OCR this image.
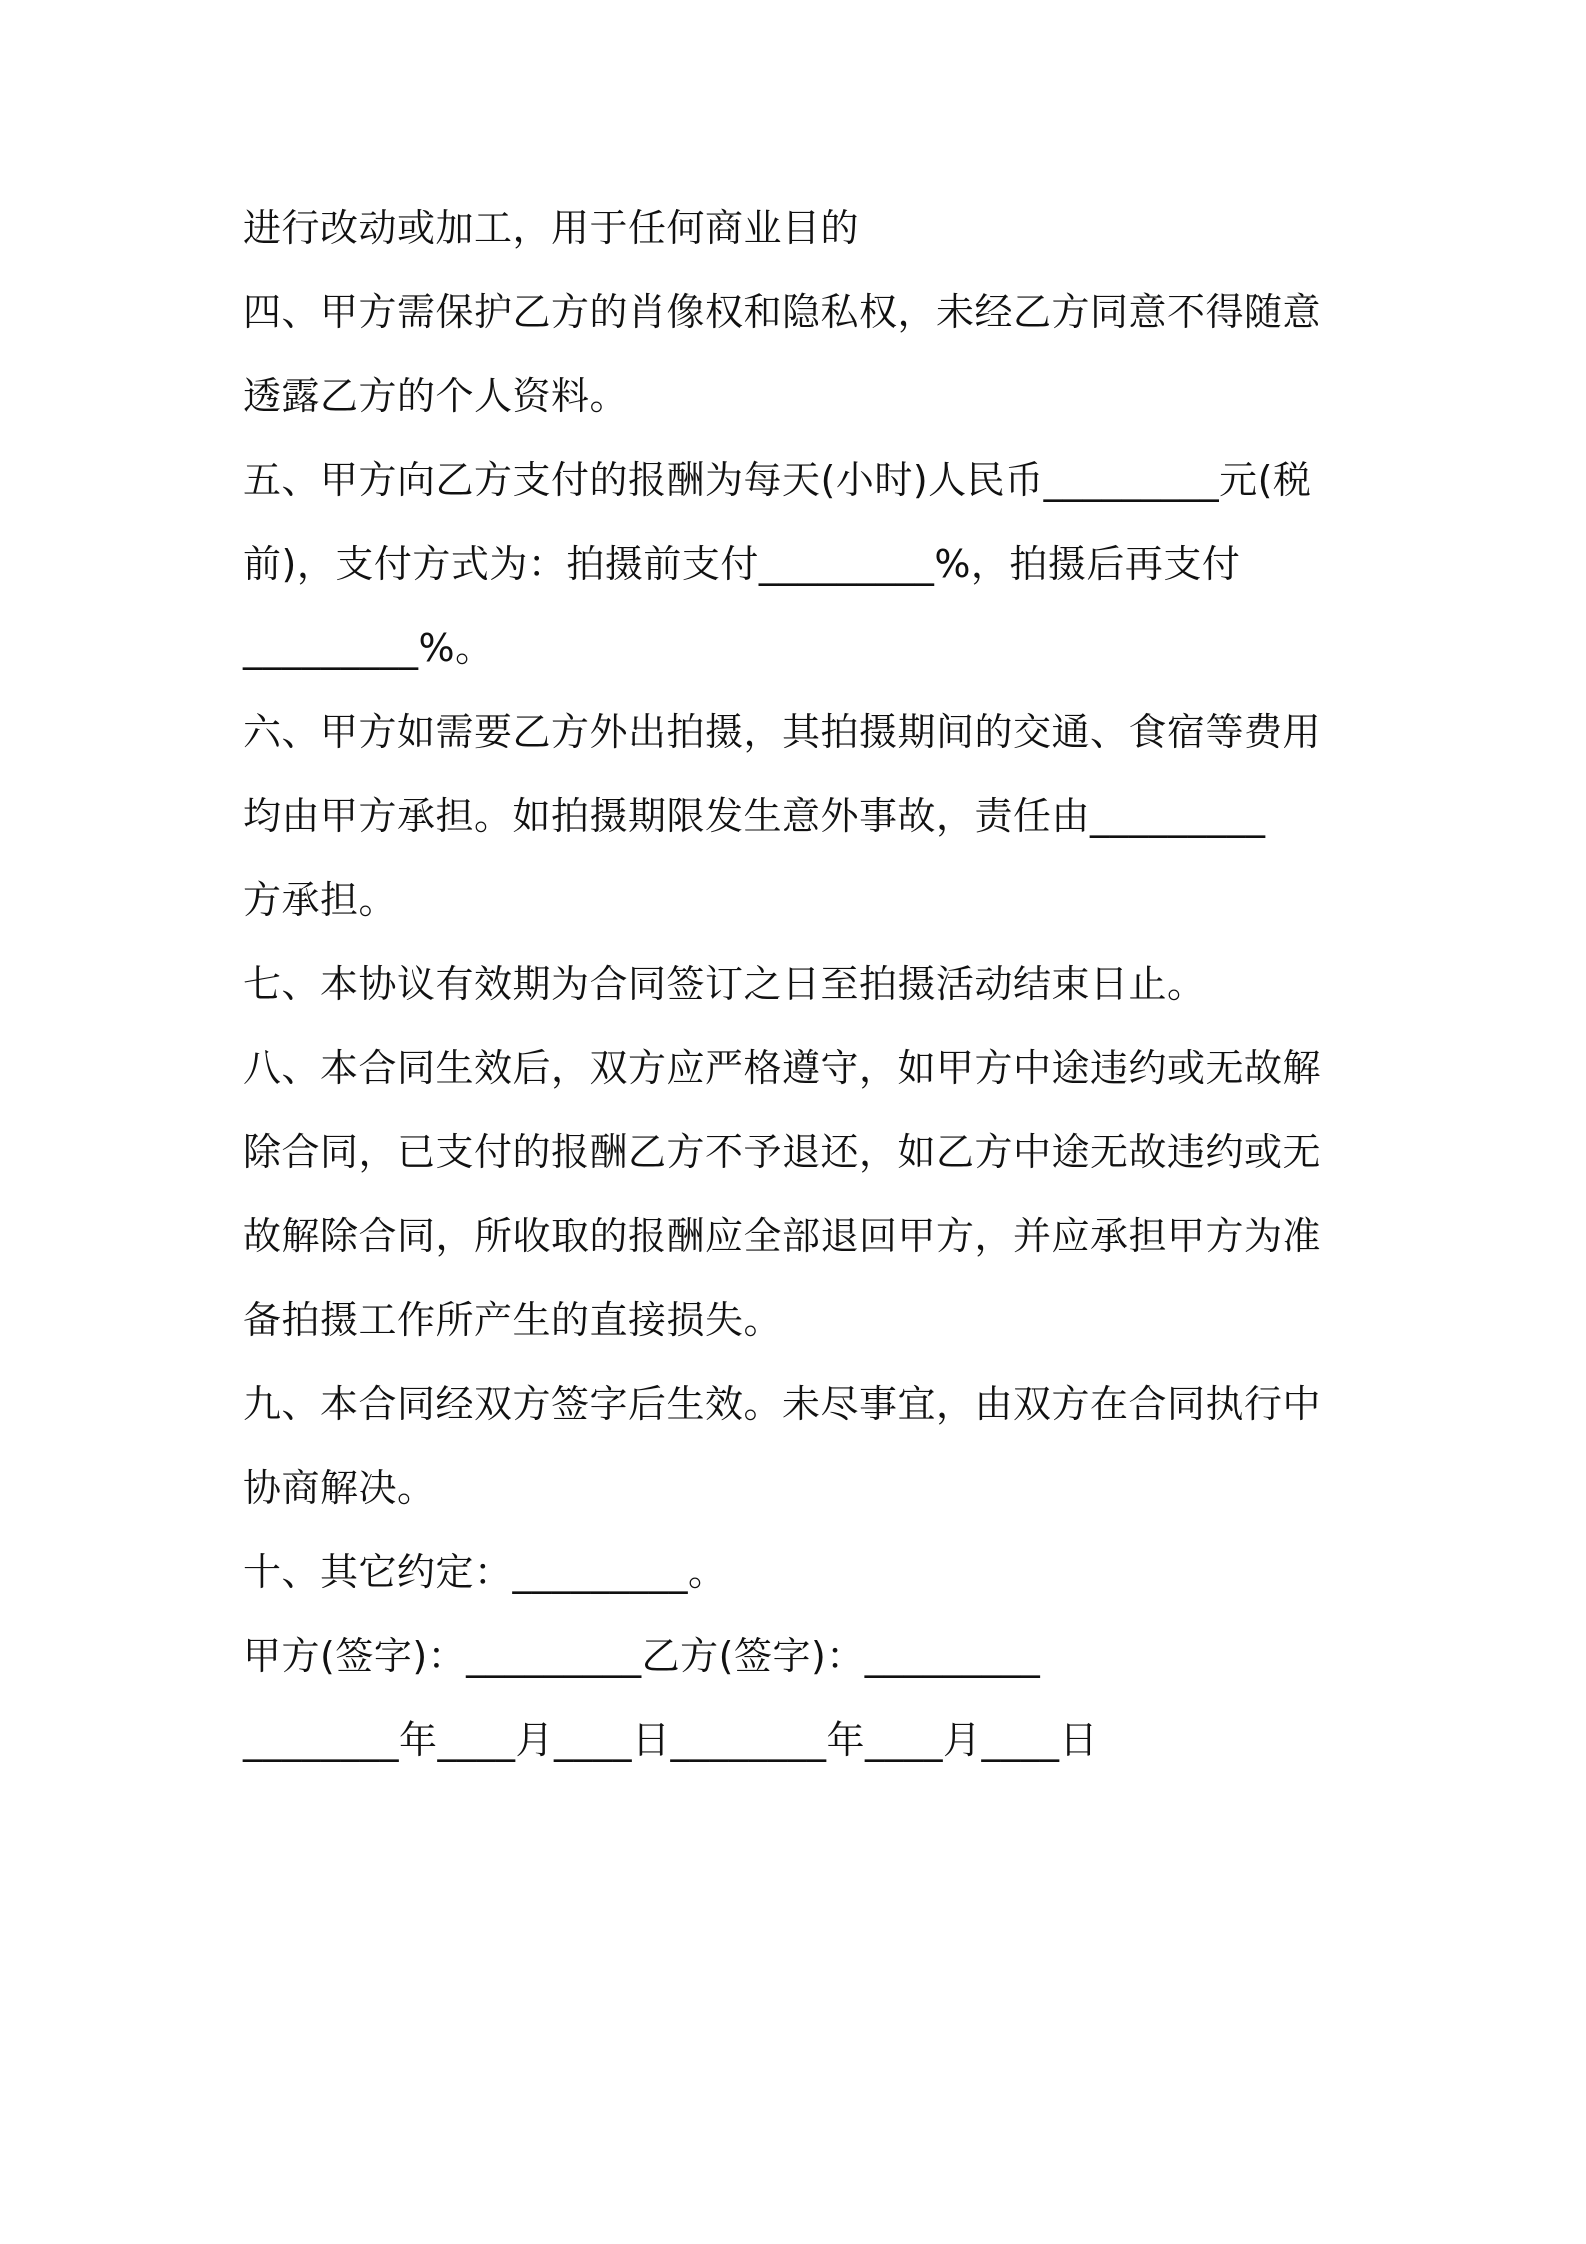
进行改动或加工，用于任何商业目的
四、甲方需保护乙方的肖像权和隐私权，未经乙方同意不得随意
透露乙方的个人资料。
五、甲方向乙方支付的报酬为每天(小时)人民币_________元(税
前)，支付方式为：拍摄前支付_________%，拍摄后再支付
_________%。
六、甲方如需要乙方外出拍摄，其拍摄期间的交通、食宿等费用
均由甲方承担。如拍摄期限发生意外事故，责任由_________
方承担。
七、本协议有效期为合同签订之日至拍摄活动结束日止。
八、本合同生效后，双方应严格遵守，如甲方中途违约或无故解
除合同，已支付的报酬乙方不予退还，如乙方中途无故违约或无
故解除合同，所收取的报酬应全部退回甲方，并应承担甲方为准
备拍摄工作所产生的直接损失。
九、本合同经双方签字后生效。未尽事宜，由双方在合同执行中
协商解决。
十、其它约定：_________。
甲方(签字)：_________乙方(签字)：_________
________年____月____日________年____月____日
